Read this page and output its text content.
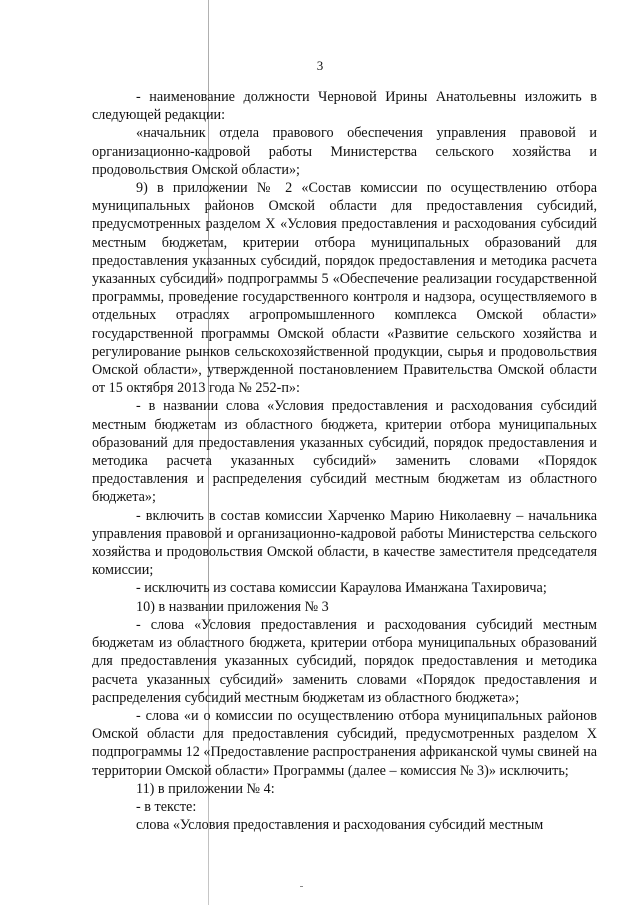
3

- наименование должности Черновой Ирины Анатольевны изложить в следующей редакции:

«начальник отдела правового обеспечения управления правовой и организационно-кадровой работы Министерства сельского хозяйства и продовольствия Омской области»;

9) в приложении № 2 «Состав комиссии по осуществлению отбора муниципальных районов Омской области для предоставления субсидий, предусмотренных разделом X «Условия предоставления и расходования субсидий местным бюджетам, критерии отбора муниципальных образований для предоставления указанных субсидий, порядок предоставления и методика расчета указанных субсидий» подпрограммы 5 «Обеспечение реализации государственной программы, проведение государственного контроля и надзора, осуществляемого в отдельных отраслях агропромышленного комплекса Омской области» государственной программы Омской области «Развитие сельского хозяйства и регулирование рынков сельскохозяйственной продукции, сырья и продовольствия Омской области», утвержденной постановлением Правительства Омской области от 15 октября 2013 года № 252-п»:

- в названии слова «Условия предоставления и расходования субсидий местным бюджетам из областного бюджета, критерии отбора муниципальных образований для предоставления указанных субсидий, порядок предоставления и методика расчета указанных субсидий» заменить словами «Порядок предоставления и распределения субсидий местным бюджетам из областного бюджета»;

- включить в состав комиссии Харченко Марию Николаевну – начальника управления правовой и организационно-кадровой работы Министерства сельского хозяйства и продовольствия Омской области, в качестве заместителя председателя комиссии;

- исключить из состава комиссии Караулова Иманжана Тахировича;

10) в названии приложения № 3

- слова «Условия предоставления и расходования субсидий местным бюджетам из областного бюджета, критерии отбора муниципальных образований для предоставления указанных субсидий, порядок предоставления и методика расчета указанных субсидий» заменить словами «Порядок предоставления и распределения субсидий местным бюджетам из областного бюджета»;

- слова «и о комиссии по осуществлению отбора муниципальных районов Омской области для предоставления субсидий, предусмотренных разделом X подпрограммы 12 «Предоставление распространения африканской чумы свиней на территории Омской области» Программы (далее – комиссия № 3)» исключить;

11) в приложении № 4:

- в тексте:

слова «Условия предоставления и расходования субсидий местным
